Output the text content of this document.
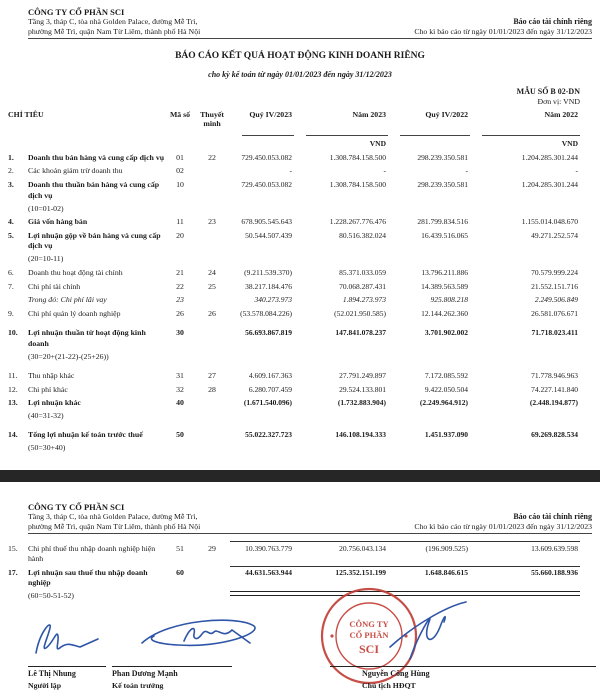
CÔNG TY CỔ PHẦN SCI
Tầng 3, tháp C, tòa nhà Golden Palace, đường Mễ Trì,
phường Mễ Trì, quận Nam Từ Liêm, thành phố Hà Nội
Báo cáo tài chính riêng
Cho kì báo cáo từ ngày 01/01/2023 đến ngày 31/12/2023
BÁO CÁO KẾT QUẢ HOẠT ĐỘNG KINH DOANH RIÊNG
cho kỳ kế toán từ ngày 01/01/2023 đến ngày 31/12/2023
MẪU SỐ B 02-DN
Đơn vị: VND
CHỈ TIÊU		Mã số	Thuyết minh	Quý IV/2023	Năm 2023	Quý IV/2022	Năm 2022

					VND		VND
1.	Doanh thu bán hàng và cung cấp dịch vụ	01	22	729.450.053.082	1.308.784.158.500	298.239.350.581	1.204.285.301.244
2.	Các khoản giảm trừ doanh thu	02		-	-	-	-
3.	Doanh thu thuần bán hàng và cung cấp dịch vụ
(10=01-02)	10		729.450.053.082	1.308.784.158.500	298.239.350.581	1.204.285.301.244
4.	Giá vốn hàng bán	11	23	678.905.545.643	1.228.267.776.476	281.799.834.516	1.155.014.048.670
5.	Lợi nhuận gộp về bán hàng và cung cấp dịch vụ
(20=10-11)	20		50.544.507.439	80.516.382.024	16.439.516.065	49.271.252.574
6.	Doanh thu hoạt động tài chính	21	24	(9.211.539.370)	85.371.033.059	13.796.211.886	70.579.999.224
7.	Chi phí tài chính	22	25	38.217.184.476	70.068.287.431	14.389.563.589	21.552.151.716
	Trong đó: Chi phí lãi vay	23		340.273.973	1.894.273.973	925.808.218	2.249.506.849
9.	Chi phí quản lý doanh nghiệp	26	26	(53.578.084.226)	(52.021.950.585)	12.144.262.360	26.581.076.671
10.	Lợi nhuận thuần từ hoạt động kinh doanh
(30=20+(21-22)-(25+26))	30		56.693.867.819	147.841.078.237	3.701.902.002	71.718.023.411
11.	Thu nhập khác	31	27	4.609.167.363	27.791.249.897	7.172.085.592	71.778.946.963
12.	Chi phí khác	32	28	6.280.707.459	29.524.133.801	9.422.050.504	74.227.141.840
13.	Lợi nhuận khác
(40=31-32)	40		(1.671.540.096)	(1.732.883.904)	(2.249.964.912)	(2.448.194.877)
14.	Tổng lợi nhuận kế toán trước thuế
(50=30+40)	50		55.022.327.723	146.108.194.333	1.451.937.090	69.269.828.534
CÔNG TY CỔ PHẦN SCI
Tầng 3, tháp C, tòa nhà Golden Palace, đường Mễ Trì,
phường Mễ Trì, quận Nam Từ Liêm, thành phố Hà Nội
Báo cáo tài chính riêng
Cho kì báo cáo từ ngày 01/01/2023 đến ngày 31/12/2023
15.	Chi phí thuế thu nhập doanh nghiệp hiện hành	51	29	10.390.763.779	20.756.043.134	(196.909.525)	13.609.639.598
17.	Lợi nhuận sau thuế thu nhập doanh nghiệp
(60=50-51-52)	60		44.631.563.944	125.352.151.199	1.648.846.615	55.660.188.936

CÔNG TY
CỔ PHẦN
SCI
Lê Thị Nhung	Phan Dương Mạnh	Nguyễn Công Hùng
Người lập	Kế toán trưởng	Chủ tịch HĐQT
